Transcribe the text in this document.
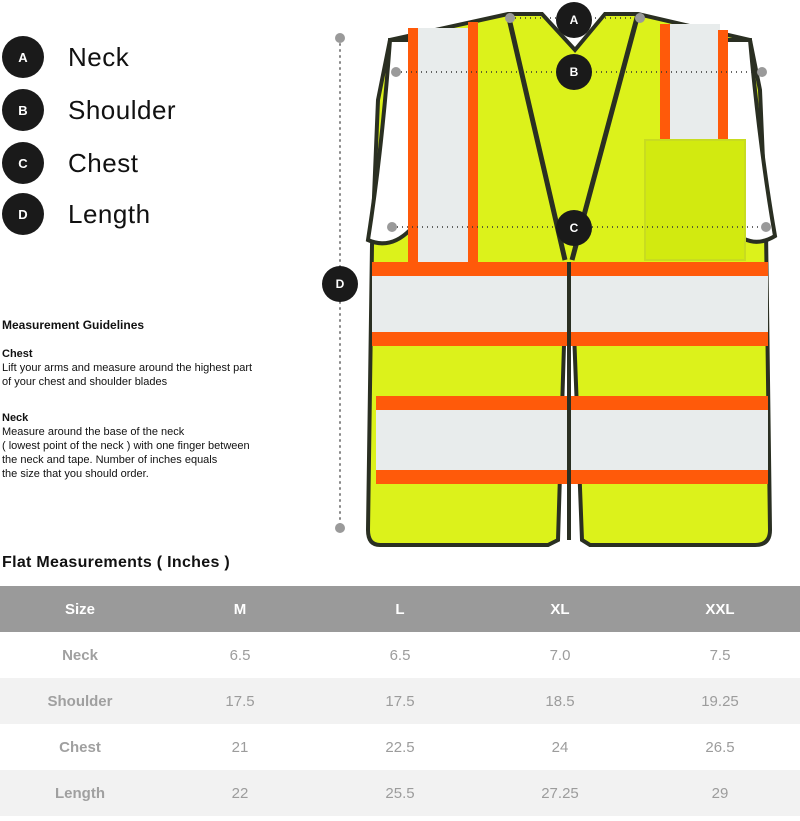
A	Neck
B	Shoulder
C	Chest
D	Length
Measurement Guidelines
Chest
Lift your arms and measure around the highest part
of your chest and shoulder blades
Neck
Measure around the base of the neck
( lowest point of the neck ) with one finger between
the neck and tape. Number of inches equals
the size that you should order.
A
B
C
D
Flat Measurements ( Inches )
Size	M	L	XL	XXL
Neck	6.5	6.5	7.0	7.5
Shoulder	17.5	17.5	18.5	19.25
Chest	21	22.5	24	26.5
Length	22	25.5	27.25	29
